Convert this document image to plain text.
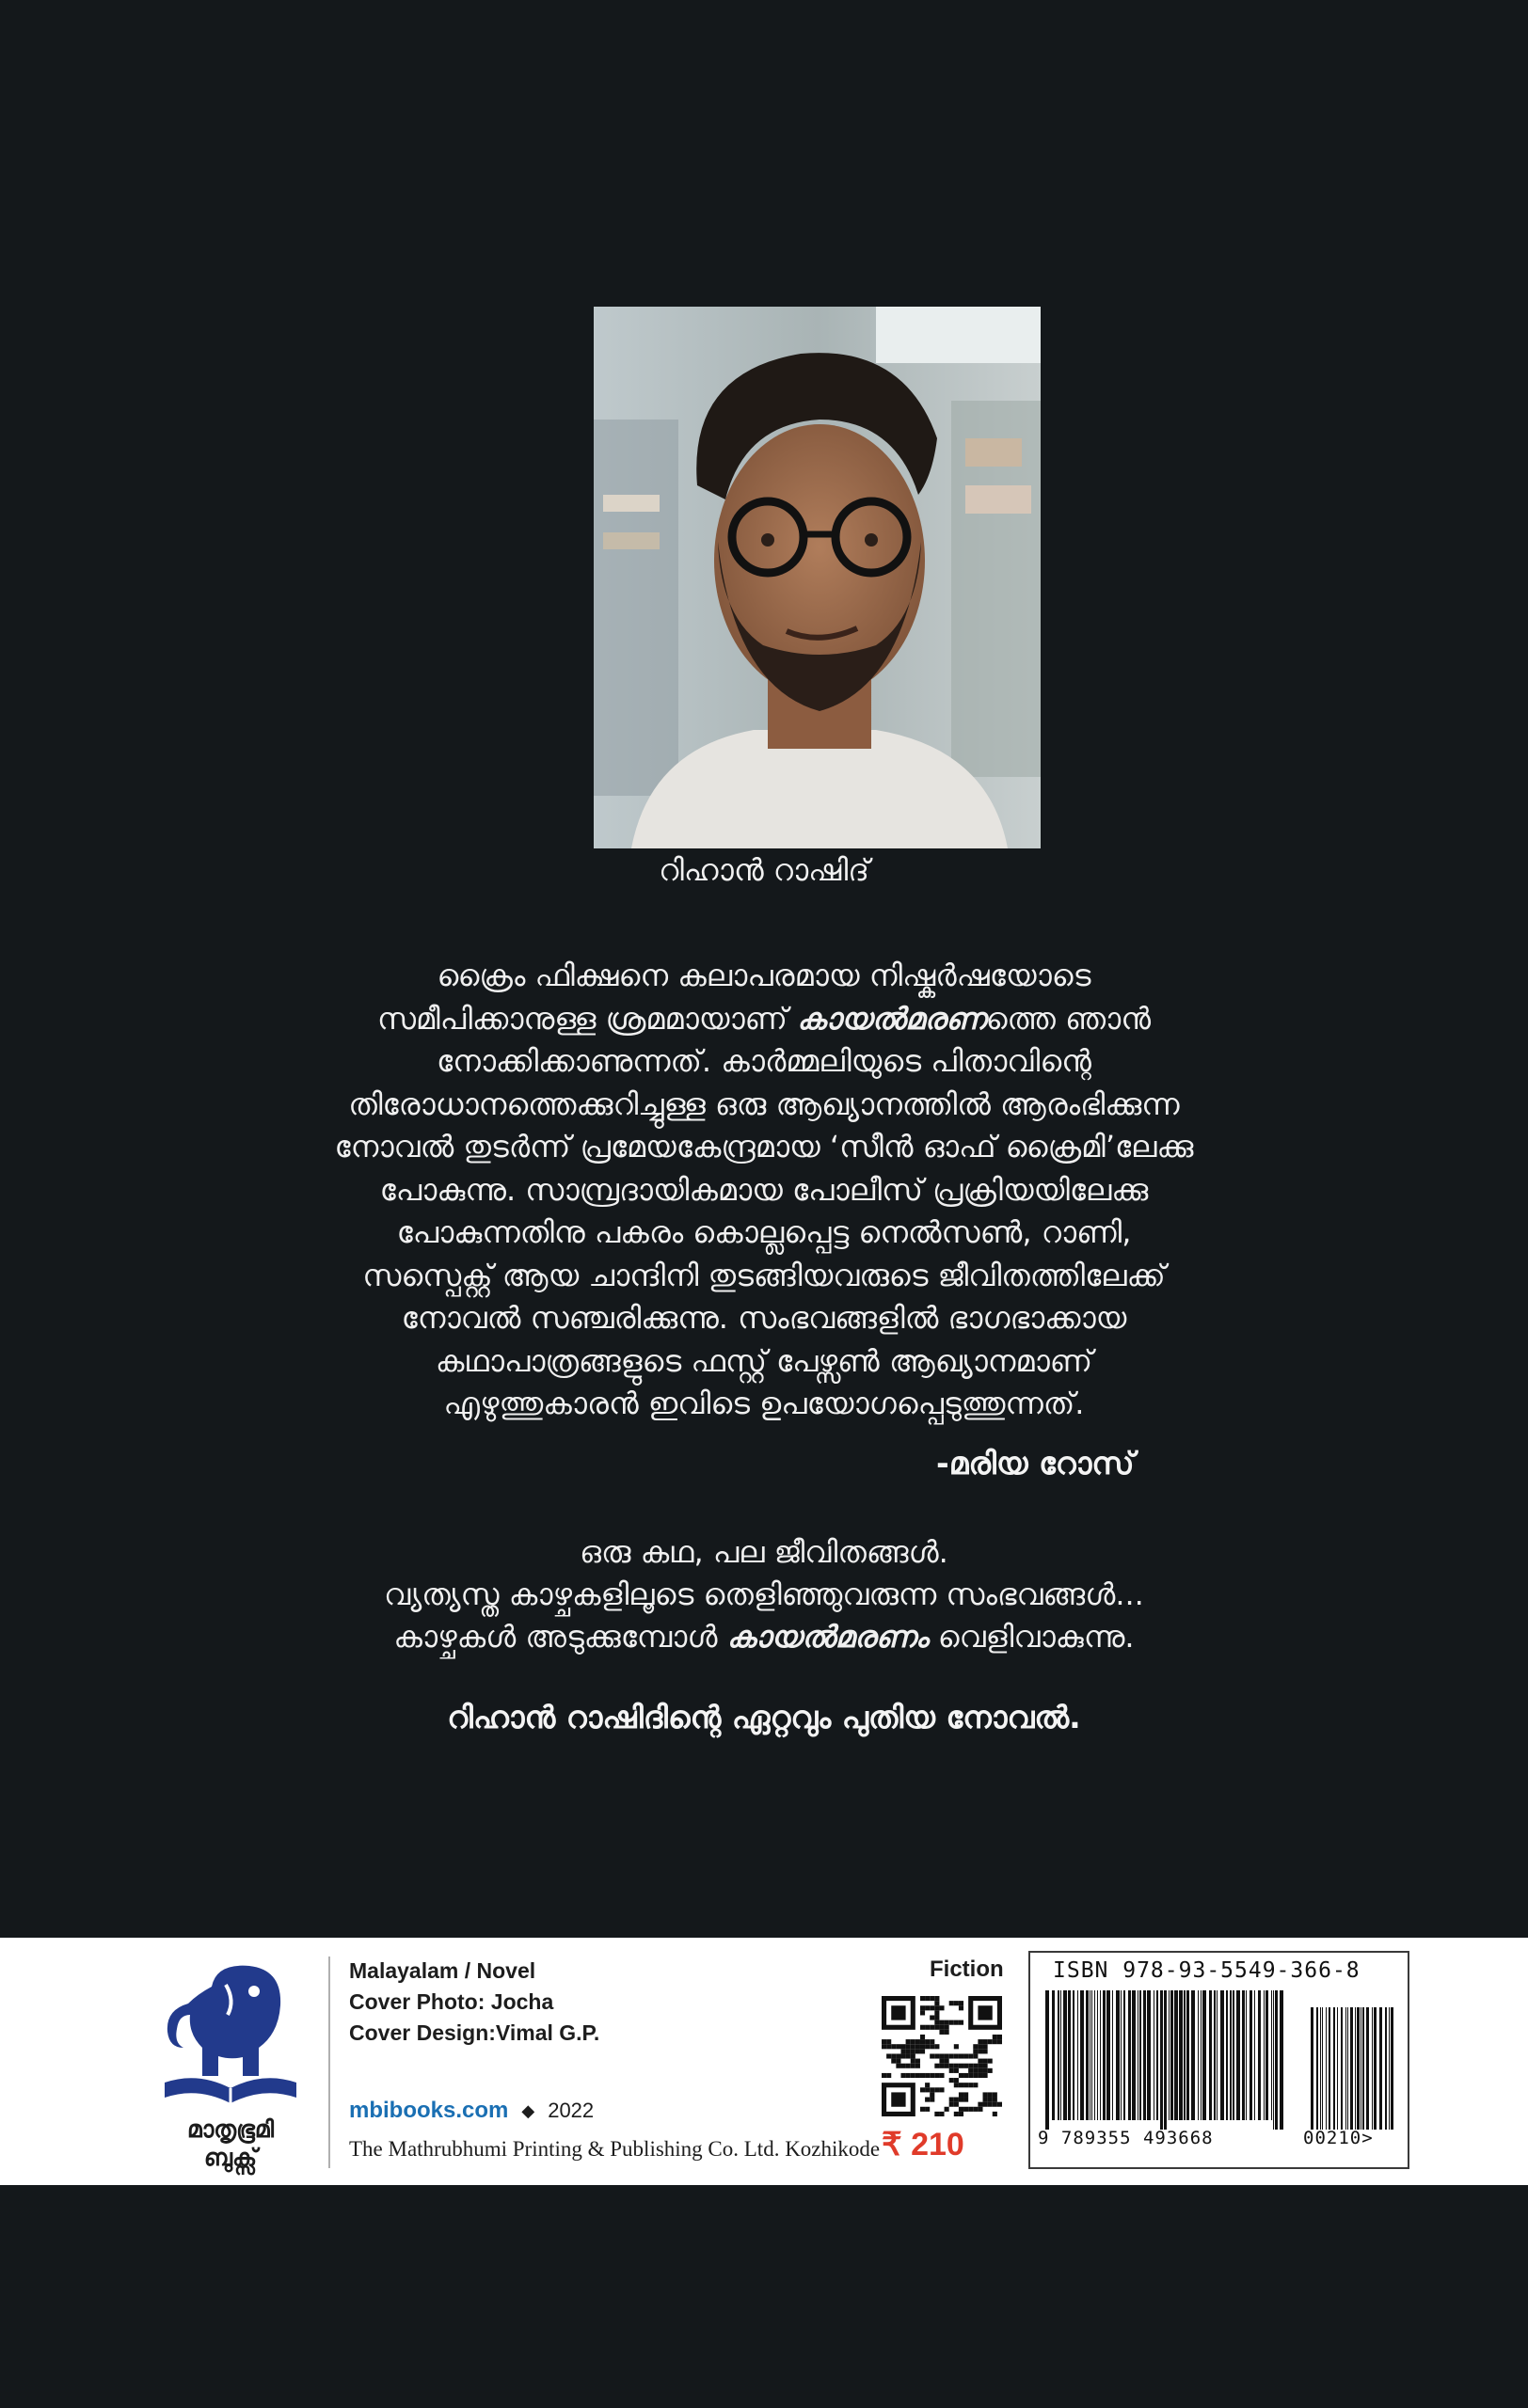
റിഹാൻ റാഷിദ്
ക്രൈം ഫിക്ഷനെ കലാപരമായ നിഷ്കർഷയോടെ
സമീപിക്കാനുള്ള ശ്രമമായാണ് കായൽമരണത്തെ ഞാൻ
നോക്കിക്കാണുന്നത്. കാർമ്മലിയുടെ പിതാവിന്റെ
തിരോധാനത്തെക്കുറിച്ചുള്ള ഒരു ആഖ്യാനത്തിൽ ആരംഭിക്കുന്ന
നോവൽ തുടർന്ന് പ്രമേയകേന്ദ്രമായ ‘സീൻ ഓഫ് ക്രൈമി’ലേക്കു
പോകുന്നു. സാമ്പ്രദായികമായ പോലീസ് പ്രക്രിയയിലേക്കു
പോകുന്നതിനു പകരം കൊല്ലപ്പെട്ട നെൽസൺ, റാണി,
സസ്പെക്റ്റ് ആയ ചാന്ദിനി തുടങ്ങിയവരുടെ ജീവിതത്തിലേക്ക്
നോവൽ സഞ്ചരിക്കുന്നു. സംഭവങ്ങളിൽ ഭാഗഭാക്കായ
കഥാപാത്രങ്ങളുടെ ഫസ്റ്റ് പേഴ്സൺ ആഖ്യാനമാണ്
എഴുത്തുകാരൻ ഇവിടെ ഉപയോഗപ്പെടുത്തുന്നത്.
-മരിയ റോസ്
ഒരു കഥ, പല ജീവിതങ്ങൾ.
വ്യത്യസ്ത കാഴ്ചകളിലൂടെ തെളിഞ്ഞുവരുന്ന സംഭവങ്ങൾ...
കാഴ്ചകൾ അടുക്കുമ്പോൾ കായൽമരണം വെളിവാകുന്നു.
റിഹാൻ റാഷിദിന്റെ ഏറ്റവും പുതിയ നോവൽ.
മാതൃഭൂമി
ബുക്സ്
Malayalam / Novel
Cover Photo: Jocha
Cover Design:Vimal G.P.
mbibooks.com ◆ 2022
The Mathrubhumi Printing & Publishing Co. Ltd. Kozhikode
Fiction
₹ 210
ISBN 978-93-5549-366-8
9 789355 493668	00210>
